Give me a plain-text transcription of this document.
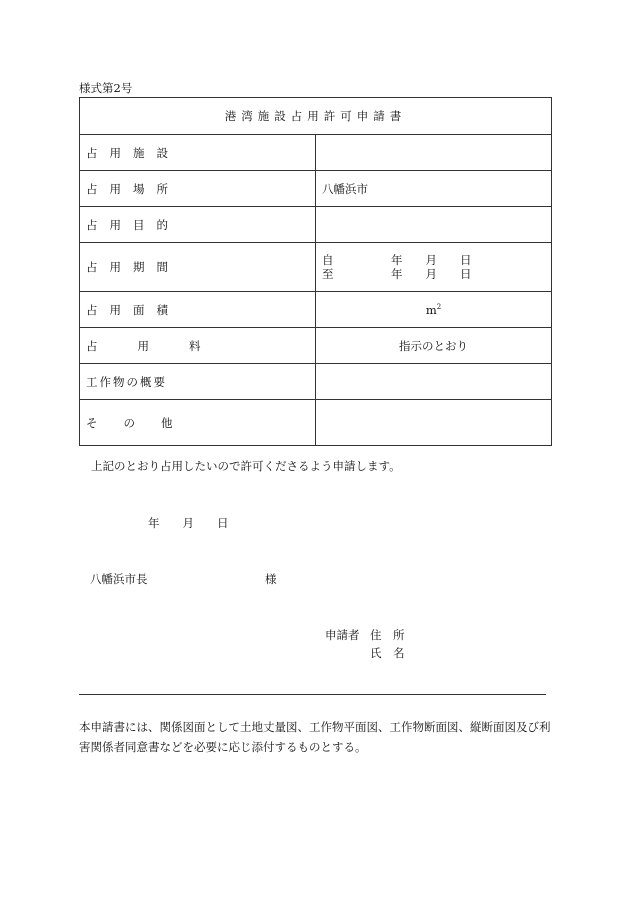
様式第2号
港湾施設占用許可申請書	
占用施設	
占用場所	八幡浜市
占用目的	
占用期間	自　　　　　年　　月　　日
至　　　　　年　　月　　日

占用面積	$m^2$
占用料	指示のとおり
工作物の概要	
その他	
上記のとおり占用したいので許可くださるよう申請します。
年　　月　　日
八幡浜市長	様
申請者 住　所
氏　名
本申請書には、関係図面として土地丈量図、工作物平面図、工作物断面図、縦断面図及び利害関係者同意書などを必要に応じ添付するものとする。
